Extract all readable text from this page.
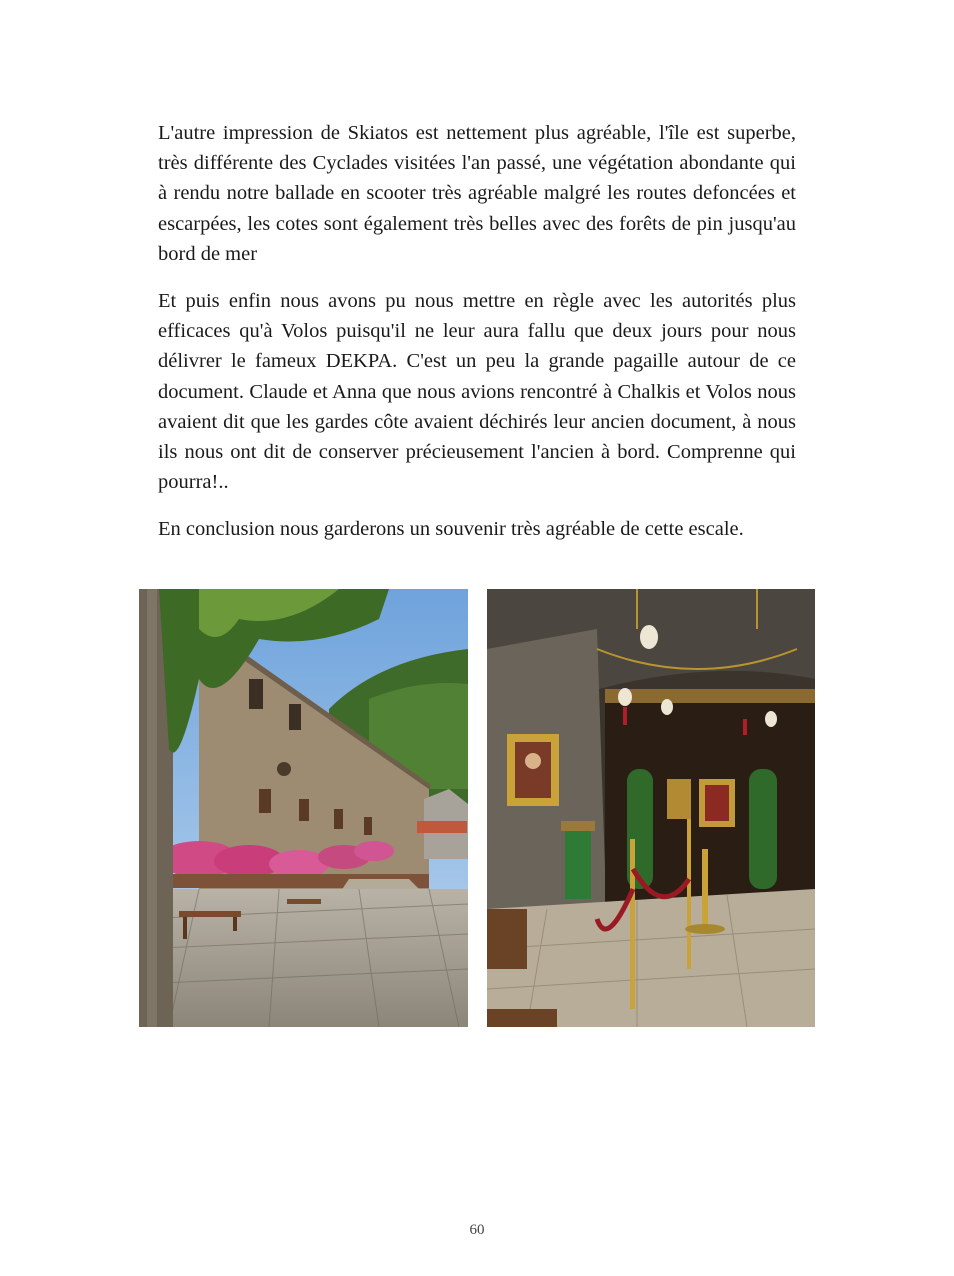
L'autre impression de Skiatos est nettement plus agréable, l'île est superbe, très différente des Cyclades visitées l'an passé, une végétation abondante qui à rendu notre ballade en scooter très agréable malgré les routes defoncées et escarpées, les cotes sont également très belles avec des forêts de pin jusqu'au bord de mer

Et puis enfin nous avons pu nous mettre en règle avec les autorités plus efficaces qu'à Volos puisqu'il ne leur aura fallu que deux jours pour nous délivrer le fameux DEKPA. C'est un peu la grande pagaille autour de ce document. Claude et Anna que nous avions rencontré à Chalkis et Volos nous avaient dit que les gardes côte avaient déchirés leur ancien document, à nous ils nous ont dit de conserver précieusement l'ancien à bord. Comprenne qui pourra!..

En conclusion nous garderons un souvenir très agréable de cette escale.

60
